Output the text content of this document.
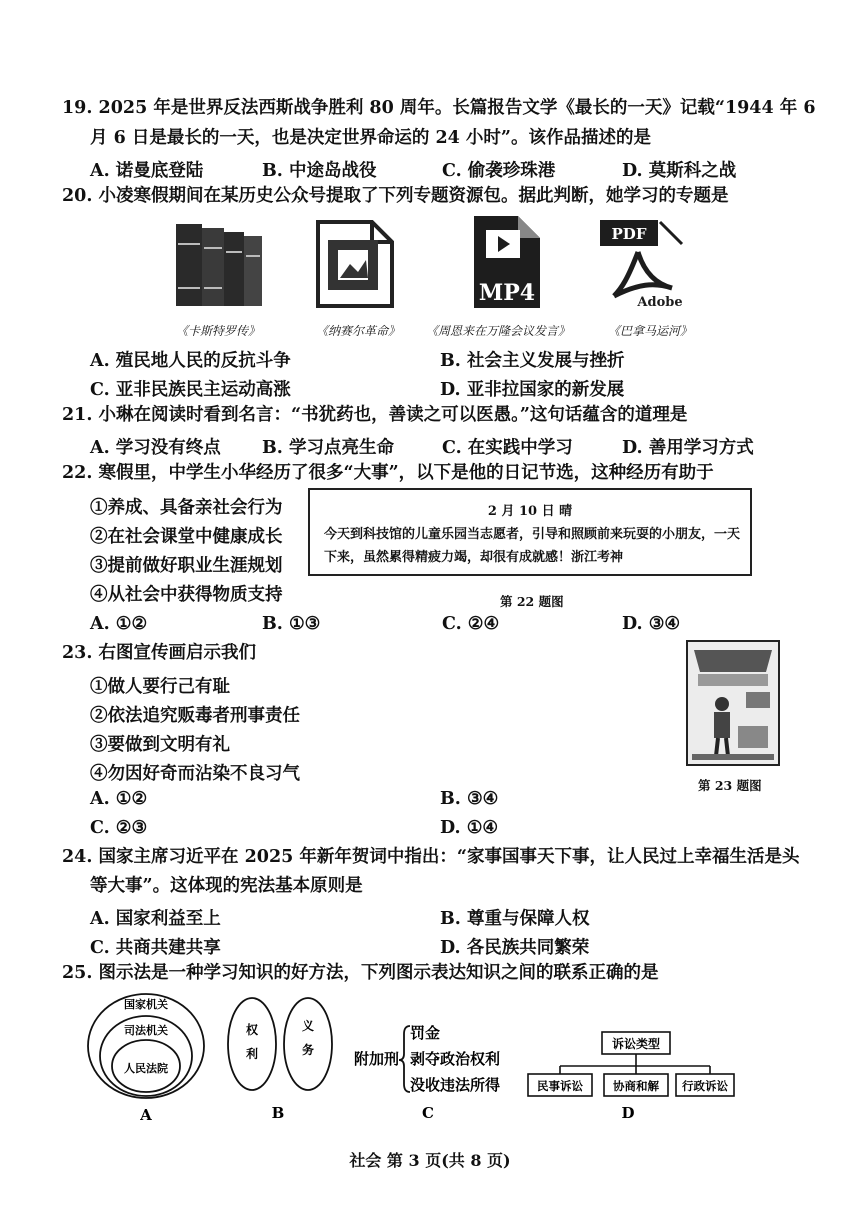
19. 2025 年是世界反法西斯战争胜利 80 周年。长篇报告文学《最长的一天》记载“1944 年 6
月 6 日是最长的一天，也是决定世界命运的 24 小时”。该作品描述的是
A. 诺曼底登陆	B. 中途岛战役	C. 偷袭珍珠港	D. 莫斯科之战
20. 小凌寒假期间在某历史公众号提取了下列专题资源包。据此判断，她学习的专题是
MP4
PDF
Adobe
《卡斯特罗传》	《纳赛尔革命》 《周恩来在万隆会议发言》	《巴拿马运河》
A. 殖民地人民的反抗斗争	B. 社会主义发展与挫折
C. 亚非民族民主运动高涨	D. 亚非拉国家的新发展
21. 小琳在阅读时看到名言：“书犹药也，善读之可以医愚。”这句话蕴含的道理是
A. 学习没有终点 B. 学习点亮生命	C. 在实践中学习	D. 善用学习方式
22. 寒假里，中学生小华经历了很多“大事”，以下是他的日记节选，这种经历有助于
①养成、具备亲社会行为
②在社会课堂中健康成长
③提前做好职业生涯规划
④从社会中获得物质支持
2 月 10 日 晴
今天到科技馆的儿童乐园当志愿者，引导和照顾前来玩耍的小朋友，一天下来，虽然累得精疲力竭，却很有成就感！浙江考神
第 22 题图
A. ①②	B. ①③	C. ②④	D. ③④
23. 右图宣传画启示我们
①做人要行己有耻
②依法追究贩毒者刑事责任
③要做到文明有礼
④勿因好奇而沾染不良习气
A. ①②	B. ③④
C. ②③	D. ①④
第 23 题图
24. 国家主席习近平在 2025 年新年贺词中指出：“家事国事天下事，让人民过上幸福生活是头
等大事”。这体现的宪法基本原则是
A. 国家利益至上	B. 尊重与保障人权
C. 共商共建共享	D. 各民族共同繁荣
25. 图示法是一种学习知识的好方法，下列图示表达知识之间的联系正确的是
国家机关
司法机关
人民法院
A
权
利
义
务
B
附加刑
罚金
剥夺政治权利
没收违法所得
C
诉讼类型
民事诉讼	协商和解 行政诉讼
D
社会 第 3 页(共 8 页)
